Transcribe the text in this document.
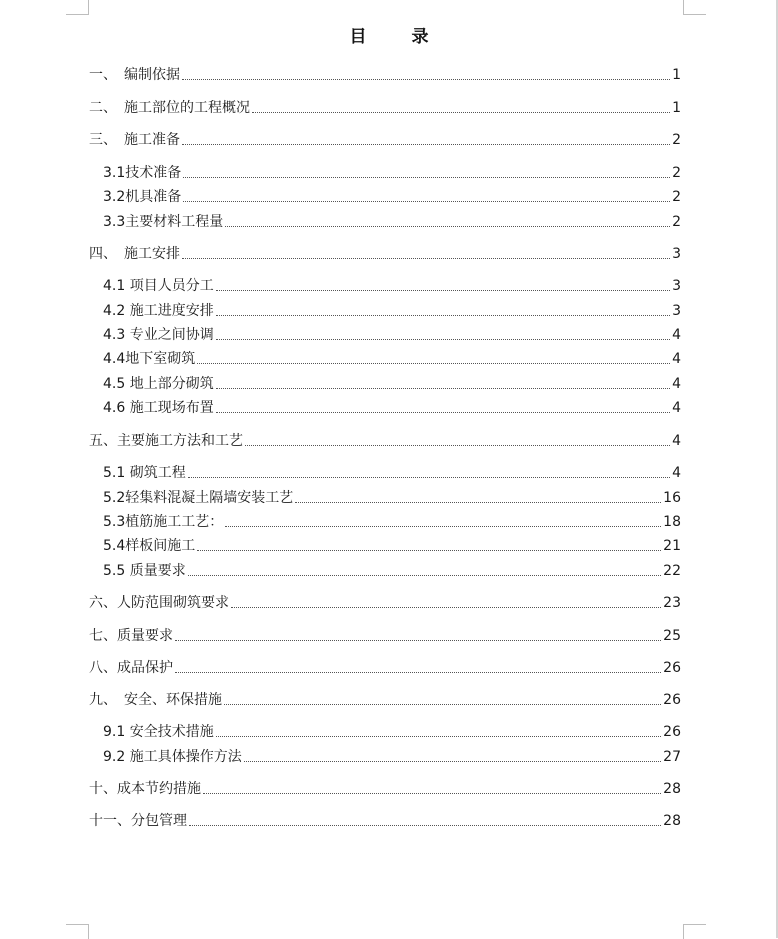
目　录
一、　编制依据	1
二、　施工部位的工程概况	1
三、　施工准备	2
3.1技术准备	2
3.2机具准备	2
3.3主要材料工程量	2
四、　施工安排	3
4.1 项目人员分工	3
4.2 施工进度安排	3
4.3 专业之间协调	4
4.4地下室砌筑	4
4.5 地上部分砌筑	4
4.6 施工现场布置	4
五、主要施工方法和工艺	4
5.1 砌筑工程	4
5.2轻集料混凝土隔墙安装工艺	16
5.3植筋施工工艺：	18
5.4样板间施工	21
5.5 质量要求	22
六、人防范围砌筑要求	23
七、质量要求	25
八、成品保护	26
九、　安全、环保措施	26
9.1 安全技术措施	26
9.2 施工具体操作方法	27
十、成本节约措施	28
十一、分包管理	28
